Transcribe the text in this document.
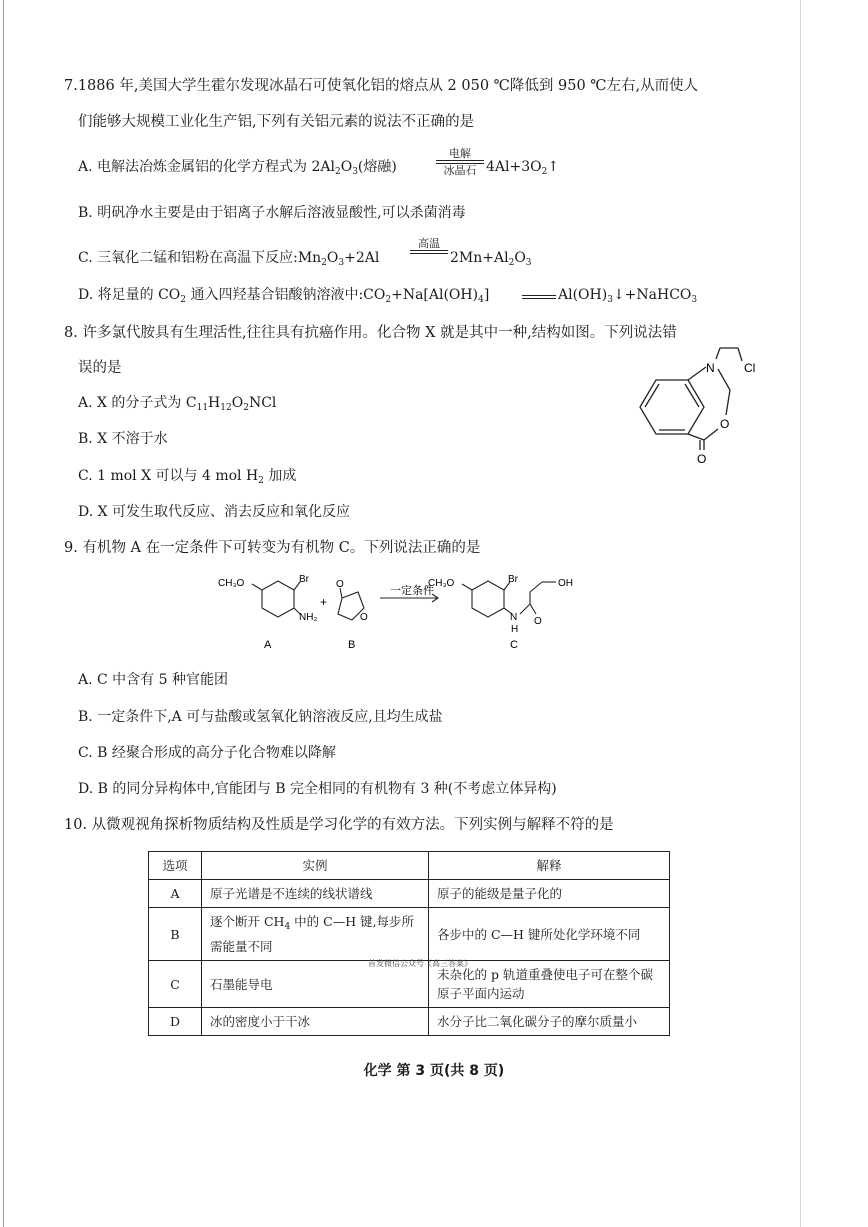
7.1886 年,美国大学生霍尔发现冰晶石可使氧化铝的熔点从 2 050 ℃降低到 950 ℃左右,从而使人
们能够大规模工业化生产铝,下列有关铝元素的说法不正确的是
A. 电解法冶炼金属铝的化学方程式为 $2Al_2O_3$(熔融)
电解
冰晶石 $4Al+3O_2↑$
B. 明矾净水主要是由于铝离子水解后溶液显酸性,可以杀菌消毒
C. 三氧化二锰和铝粉在高温下反应$:Mn_2O_3+2Al$
高温
$2Mn+Al_2O_3$
D. 将足量的 $CO_2$ 通入四羟基合铝酸钠溶液中$:CO_2+Na[Al(OH)_4]$	$Al(OH)_3↓+NaHCO_3$
8. 许多氯代胺具有生理活性,往往具有抗癌作用。化合物 X 就是其中一种,结构如图。下列说法错
误的是	N Cl
O
O
A. X 的分子式为 $C_{11}H_{12}O_2NCl$
B. X 不溶于水
C. 1 mol X 可以与 4 mol $H_2$ 加成
D. X 可发生取代反应、消去反应和氧化反应
9. 有机物 A 在一定条件下可转变为有机物 C。下列说法正确的是
CH₃O	Br
NH₂
+
O
O
一定条件
CH₃O	Br
N
H
O
OH
A	B	C
A. C 中含有 5 种官能团
B. 一定条件下,A 可与盐酸或氢氧化钠溶液反应,且均生成盐
C. B 经聚合形成的高分子化合物难以降解
D. B 的同分异构体中,官能团与 B 完全相同的有机物有 3 种(不考虑立体异构)
10. 从微观视角探析物质结构及性质是学习化学的有效方法。下列实例与解释不符的是
选项	实例	解释
A	原子光谱是不连续的线状谱线	原子的能级是量子化的
B	逐个断开 $CH_4$ 中的 C—H 键,每步所需能量不同	各步中的 C—H 键所处化学环境不同
C	石墨能导电	未杂化的 p 轨道重叠使电子可在整个碳原子平面内运动
D	冰的密度小于干冰	水分子比二氧化碳分子的摩尔质量小
首发微信公众号《高三答案》
化学 第 3 页(共 8 页)
